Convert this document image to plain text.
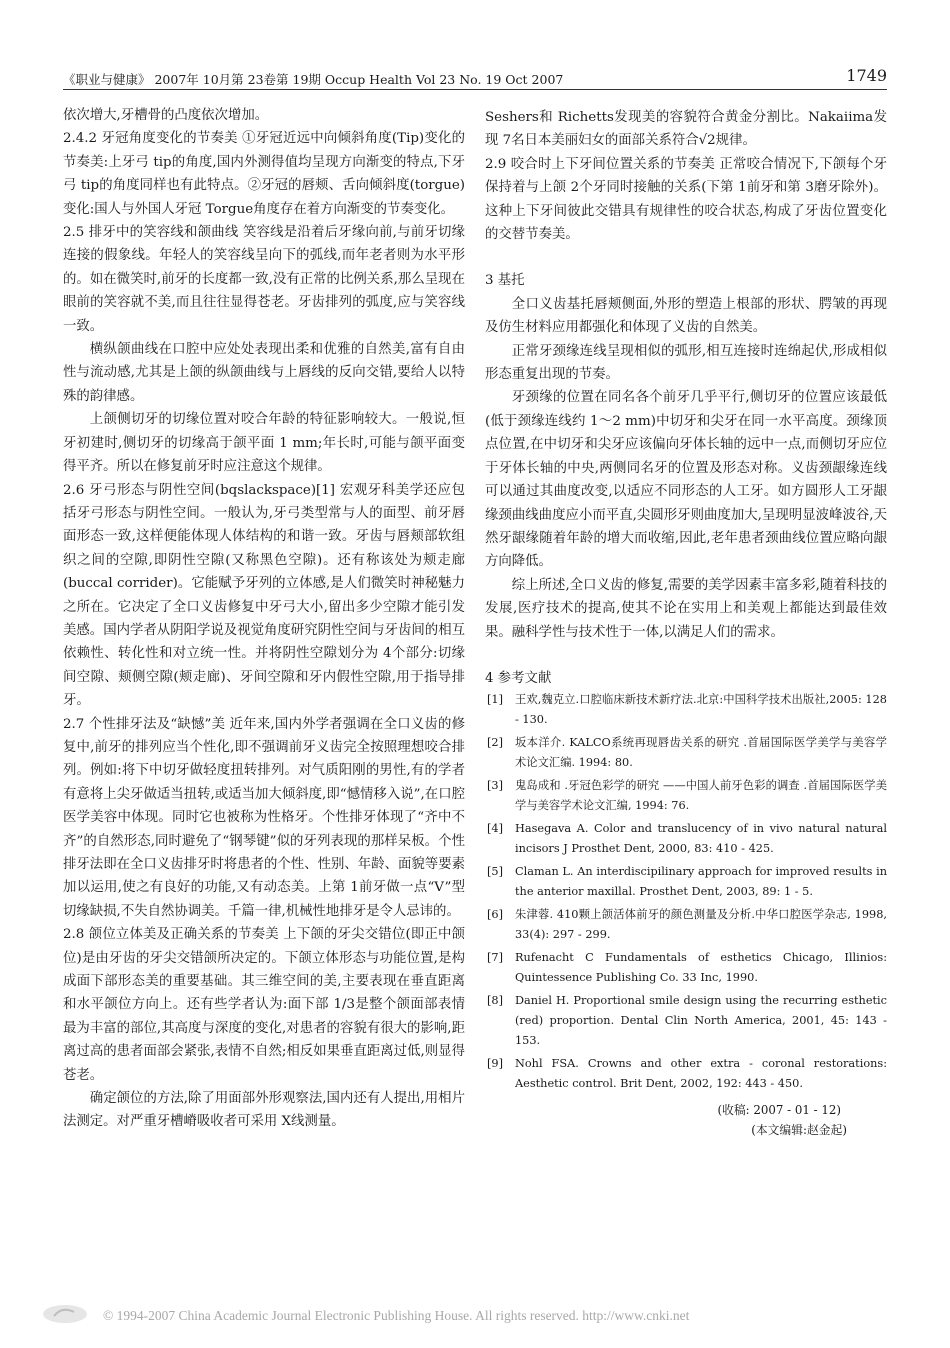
《职业与健康》 2007年 10月第 23卷第 19期 Occup Health Vol 23 No. 19 Oct 2007	1749

依次增大,牙槽骨的凸度依次增加。

2.4.2 牙冠角度变化的节奏美 ①牙冠近远中向倾斜角度(Tip)变化的节奏美:上牙弓 tip的角度,国内外测得值均呈现方向渐变的特点,下牙弓 tip的角度同样也有此特点。②牙冠的唇颊、舌向倾斜度(torgue)变化:国人与外国人牙冠 Torgue角度存在着方向渐变的节奏变化。

2.5 排牙中的笑容线和颌曲线 笑容线是沿着后牙缘向前,与前牙切缘连接的假象线。年轻人的笑容线呈向下的弧线,而年老者则为水平形的。如在微笑时,前牙的长度都一致,没有正常的比例关系,那么呈现在眼前的笑容就不美,而且往往显得苍老。牙齿排列的弧度,应与笑容线一致。

横纵颌曲线在口腔中应处处表现出柔和优雅的自然美,富有自由性与流动感,尤其是上颌的纵颌曲线与上唇线的反向交错,要给人以特殊的韵律感。

上颌侧切牙的切缘位置对咬合年龄的特征影响较大。一般说,恒牙初建时,侧切牙的切缘高于颌平面 1 mm;年长时,可能与颌平面变得平齐。所以在修复前牙时应注意这个规律。

2.6 牙弓形态与阴性空间(bqslackspace)[1] 宏观牙科美学还应包括牙弓形态与阴性空间。一般认为,牙弓类型常与人的面型、前牙唇面形态一致,这样便能体现人体结构的和谐一致。牙齿与唇颊部软组织之间的空隙,即阴性空隙(又称黑色空隙)。还有称该处为颊走廊(buccal corrider)。它能赋予牙列的立体感,是人们微笑时神秘魅力之所在。它决定了全口义齿修复中牙弓大小,留出多少空隙才能引发美感。国内学者从阴阳学说及视觉角度研究阴性空间与牙齿间的相互依赖性、转化性和对立统一性。并将阴性空隙划分为 4个部分:切缘间空隙、颊侧空隙(颊走廊)、牙间空隙和牙内假性空隙,用于指导排牙。

2.7 个性排牙法及“缺憾”美 近年来,国内外学者强调在全口义齿的修复中,前牙的排列应当个性化,即不强调前牙义齿完全按照理想咬合排列。例如:将下中切牙做轻度扭转排列。对气质阳刚的男性,有的学者有意将上尖牙做适当扭转,或适当加大倾斜度,即“憾情移入说”,在口腔医学美容中体现。同时它也被称为性格牙。个性排牙体现了“齐中不齐”的自然形态,同时避免了“钢琴键”似的牙列表现的那样呆板。个性排牙法即在全口义齿排牙时将患者的个性、性别、年龄、面貌等要素加以运用,使之有良好的功能,又有动态美。上第 1前牙做一点“V”型切缘缺损,不失自然协调美。千篇一律,机械性地排牙是令人忌讳的。

2.8 颌位立体美及正确关系的节奏美 上下颌的牙尖交错位(即正中颌位)是由牙齿的牙尖交错颌所决定的。下颌立体形态与功能位置,是构成面下部形态美的重要基础。其三维空间的美,主要表现在垂直距离和水平颌位方向上。还有些学者认为:面下部 1/3是整个颌面部表情最为丰富的部位,其高度与深度的变化,对患者的容貌有很大的影响,距离过高的患者面部会紧张,表情不自然;相反如果垂直距离过低,则显得苍老。

确定颌位的方法,除了用面部外形观察法,国内还有人提出,用相片法测定。对严重牙槽嵴吸收者可采用 X线测量。

Seshers和 Richetts发现美的容貌符合黄金分割比。Nakaiima发现 7名日本美丽妇女的面部关系符合√2规律。

2.9 咬合时上下牙间位置关系的节奏美 正常咬合情况下,下颌每个牙保持着与上颌 2个牙同时接触的关系(下第 1前牙和第 3磨牙除外)。这种上下牙间彼此交错具有规律性的咬合状态,构成了牙齿位置变化的交替节奏美。

3 基托

全口义齿基托唇颊侧面,外形的塑造上根部的形状、腭皱的再现及仿生材料应用都强化和体现了义齿的自然美。

正常牙颈缘连线呈现相似的弧形,相互连接时连绵起伏,形成相似形态重复出现的节奏。

牙颈缘的位置在同名各个前牙几乎平行,侧切牙的位置应该最低(低于颈缘连线约 1～2 mm)中切牙和尖牙在同一水平高度。颈缘顶点位置,在中切牙和尖牙应该偏向牙体长轴的远中一点,而侧切牙应位于牙体长轴的中央,两侧同名牙的位置及形态对称。义齿颈龈缘连线可以通过其曲度改变,以适应不同形态的人工牙。如方圆形人工牙龈缘颈曲线曲度应小而平直,尖圆形牙则曲度加大,呈现明显波峰波谷,天然牙龈缘随着年龄的增大而收缩,因此,老年患者颈曲线位置应略向龈方向降低。

综上所述,全口义齿的修复,需要的美学因素丰富多彩,随着科技的发展,医疗技术的提高,使其不论在实用上和美观上都能达到最佳效果。融科学性与技术性于一体,以满足人们的需求。

4 参考文献

[1] 王欢,魏克立.口腔临床新技术新疗法.北京:中国科学技术出版社,2005: 128 - 130.
[2] 坂本洋介. KALCO系统再现唇齿关系的研究 .首届国际医学美学与美容学术论文汇编. 1994: 80.
[3] 鬼岛成和 .牙冠色彩学的研究 ——中国人前牙色彩的调查 .首届国际医学美学与美容学术论文汇编, 1994: 76.
[4] Hasegava A. Color and translucency of in vivo natural natural incisors J Prosthet Dent, 2000, 83: 410 - 425.
[5] Claman L. An interdiscipilinary approach for improved results in the anterior maxillal. Prosthet Dent, 2003, 89: 1 - 5.
[6] 朱津蓉. 410颗上颌活体前牙的颜色测量及分析.中华口腔医学杂志, 1998, 33(4): 297 - 299.
[7] Rufenacht C Fundamentals of esthetics Chicago, Illinios: Quintessence Publishing Co. 33 Inc, 1990.
[8] Daniel H. Proportional smile design using the recurring esthetic (red) proportion. Dental Clin North America, 2001, 45: 143 - 153.
[9] Nohl FSA. Crowns and other extra - coronal restorations: Aesthetic control. Brit Dent, 2002, 192: 443 - 450.
(收稿: 2007 - 01 - 12)
(本文编辑:赵金起)
© 1994-2007 China Academic Journal Electronic Publishing House. All rights reserved. http://www.cnki.net
